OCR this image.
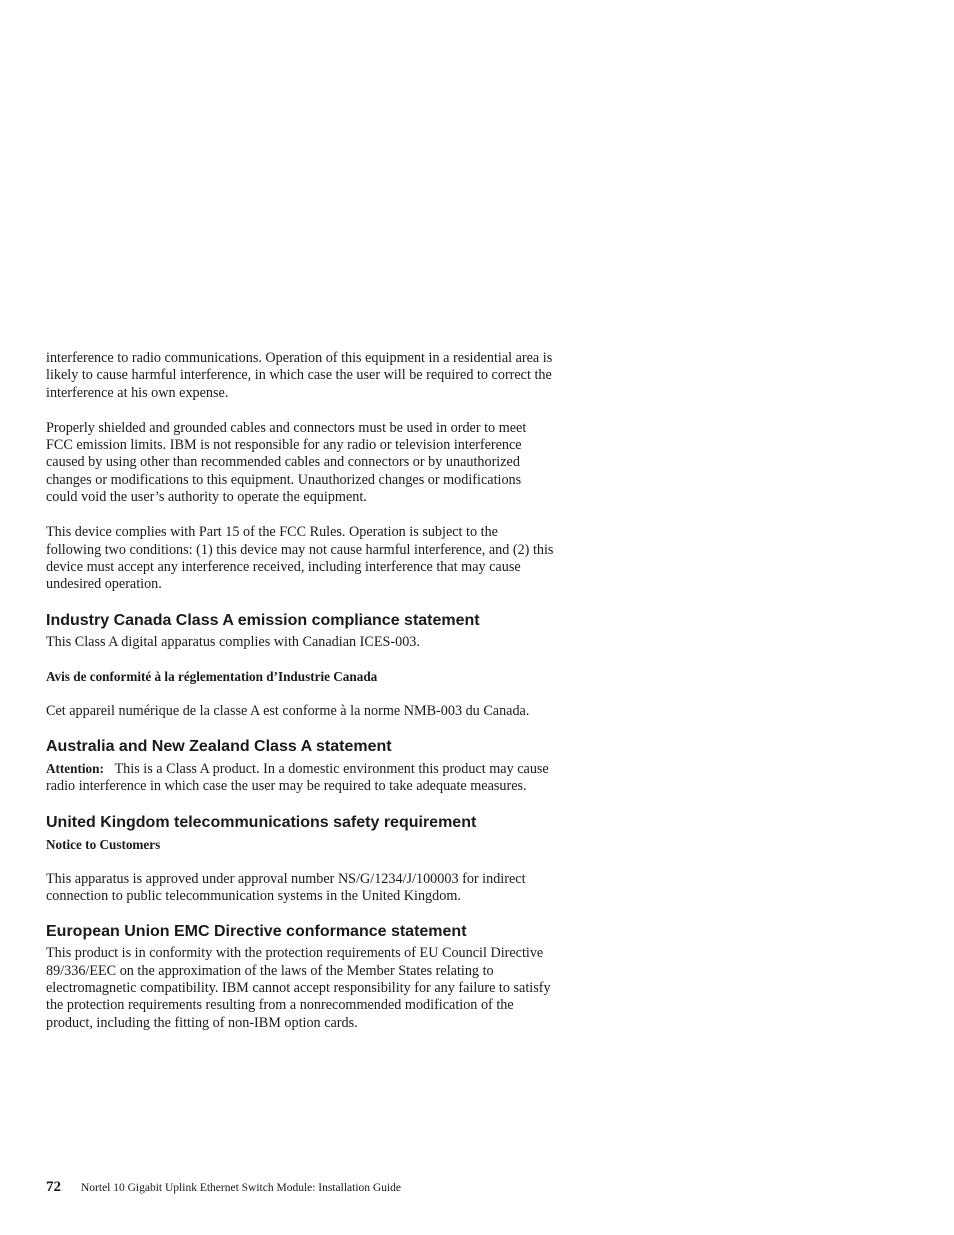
interference to radio communications. Operation of this equipment in a residential area is likely to cause harmful interference, in which case the user will be required to correct the interference at his own expense.

Properly shielded and grounded cables and connectors must be used in order to meet FCC emission limits. IBM is not responsible for any radio or television interference caused by using other than recommended cables and connectors or by unauthorized changes or modifications to this equipment. Unauthorized changes or modifications could void the user’s authority to operate the equipment.

This device complies with Part 15 of the FCC Rules. Operation is subject to the following two conditions: (1) this device may not cause harmful interference, and (2) this device must accept any interference received, including interference that may cause undesired operation.

Industry Canada Class A emission compliance statement

This Class A digital apparatus complies with Canadian ICES-003.

Avis de conformité à la réglementation d’Industrie Canada

Cet appareil numérique de la classe A est conforme à la norme NMB-003 du Canada.

Australia and New Zealand Class A statement

Attention: This is a Class A product. In a domestic environment this product may cause radio interference in which case the user may be required to take adequate measures.

United Kingdom telecommunications safety requirement

Notice to Customers

This apparatus is approved under approval number NS/G/1234/J/100003 for indirect connection to public telecommunication systems in the United Kingdom.

European Union EMC Directive conformance statement

This product is in conformity with the protection requirements of EU Council Directive 89/336/EEC on the approximation of the laws of the Member States relating to electromagnetic compatibility. IBM cannot accept responsibility for any failure to satisfy the protection requirements resulting from a nonrecommended modification of the product, including the fitting of non-IBM option cards.

72 Nortel 10 Gigabit Uplink Ethernet Switch Module: Installation Guide
